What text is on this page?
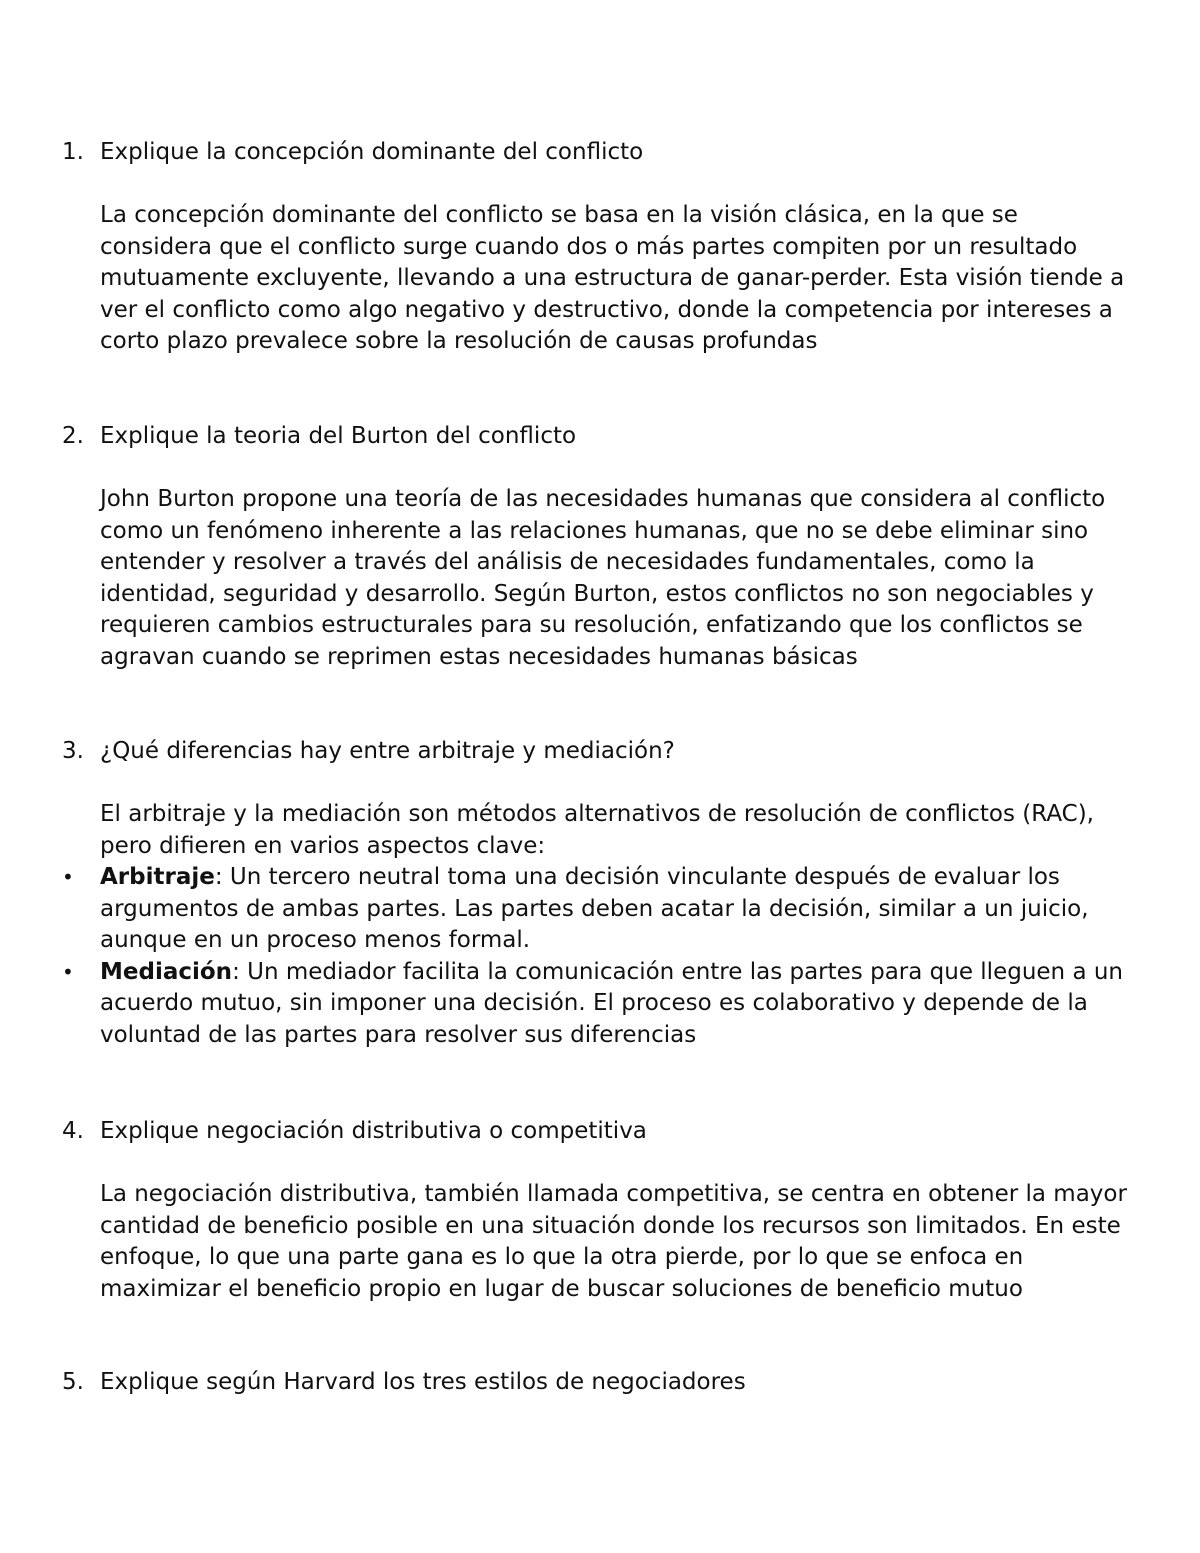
1. Explique la concepción dominante del conflicto
La concepción dominante del conflicto se basa en la visión clásica, en la que se
considera que el conflicto surge cuando dos o más partes compiten por un resultado
mutuamente excluyente, llevando a una estructura de ganar-perder. Esta visión tiende a
ver el conflicto como algo negativo y destructivo, donde la competencia por intereses a
corto plazo prevalece sobre la resolución de causas profundas
2. Explique la teoria del Burton del conflicto
John Burton propone una teoría de las necesidades humanas que considera al conflicto
como un fenómeno inherente a las relaciones humanas, que no se debe eliminar sino
entender y resolver a través del análisis de necesidades fundamentales, como la
identidad, seguridad y desarrollo. Según Burton, estos conflictos no son negociables y
requieren cambios estructurales para su resolución, enfatizando que los conflictos se
agravan cuando se reprimen estas necesidades humanas básicas
3. ¿Qué diferencias hay entre arbitraje y mediación?
El arbitraje y la mediación son métodos alternativos de resolución de conflictos (RAC),
pero difieren en varios aspectos clave:
• Arbitraje: Un tercero neutral toma una decisión vinculante después de evaluar los
argumentos de ambas partes. Las partes deben acatar la decisión, similar a un juicio,
aunque en un proceso menos formal.
• Mediación: Un mediador facilita la comunicación entre las partes para que lleguen a un
acuerdo mutuo, sin imponer una decisión. El proceso es colaborativo y depende de la
voluntad de las partes para resolver sus diferencias
4. Explique negociación distributiva o competitiva
La negociación distributiva, también llamada competitiva, se centra en obtener la mayor
cantidad de beneficio posible en una situación donde los recursos son limitados. En este
enfoque, lo que una parte gana es lo que la otra pierde, por lo que se enfoca en
maximizar el beneficio propio en lugar de buscar soluciones de beneficio mutuo
5. Explique según Harvard los tres estilos de negociadores
